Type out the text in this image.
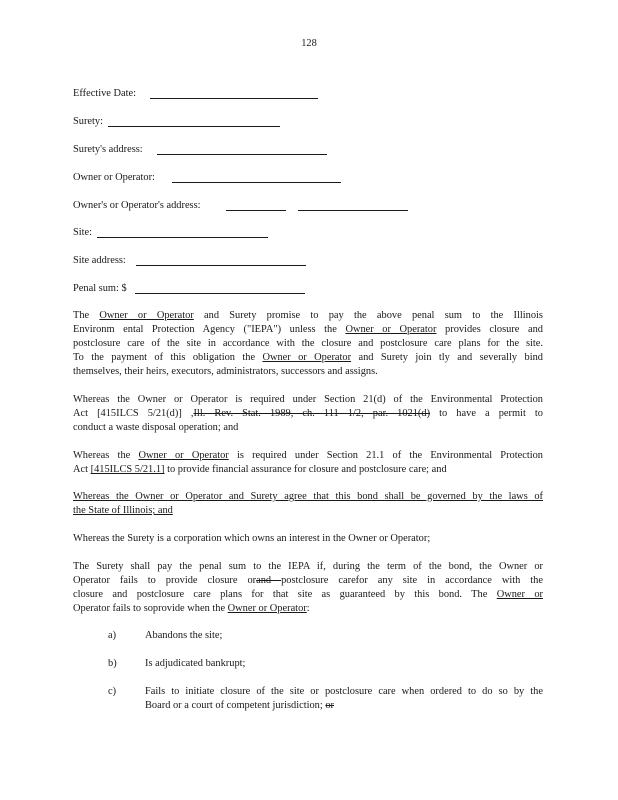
128
Effective Date:
Surety:
Surety's address:
Owner or Operator:
Owner's or Operator's address:
Site:
Site address:
Penal sum: $
The Owner or Operator and Surety promise to pay the above penal sum to the Illinois
Environm ental Protection Agency ("IEPA") unless the Owner or Operator provides closure and
postclosure care of the site in accordance with the closure and postclosure care plans for the site.
To the payment of this obligation the Owner or Operator and Surety join tly and severally bind
themselves, their heirs, executors, administrators, successors and assigns.
Whereas the Owner or Operator is required under Section 21(d) of the Environmental Protection
Act [415ILCS 5/21(d)] ,Ill. Rev. Stat. 1989, ch. 111 1/2, par. 1021(d) to have a permit to
conduct a waste disposal operation; and
Whereas the Owner or Operator is required under Section 21.1 of the Environmental Protection
Act [415ILCS 5/21.1] to provide financial assurance for closure and postclosure care; and
Whereas the Owner or Operator and Surety agree that this bond shall be governed by the laws of
the State of Illinois; and
Whereas the Surety is a corporation which owns an interest in the Owner or Operator;
The Surety shall pay the penal sum to the IEPA if, during the term of the bond, the Owner or
Operator fails to provide closure orand postclosure carefor any site in accordance with the
closure and postclosure care plans for that site as guaranteed by this bond. The Owner or
Operator fails to soprovide when the Owner or Operator:
a)	Abandons the site;
b)	Is adjudicated bankrupt;
c)	Fails to initiate closure of the site or postclosure care when ordered to do so by the
Board or a court of competent jurisdiction; or
